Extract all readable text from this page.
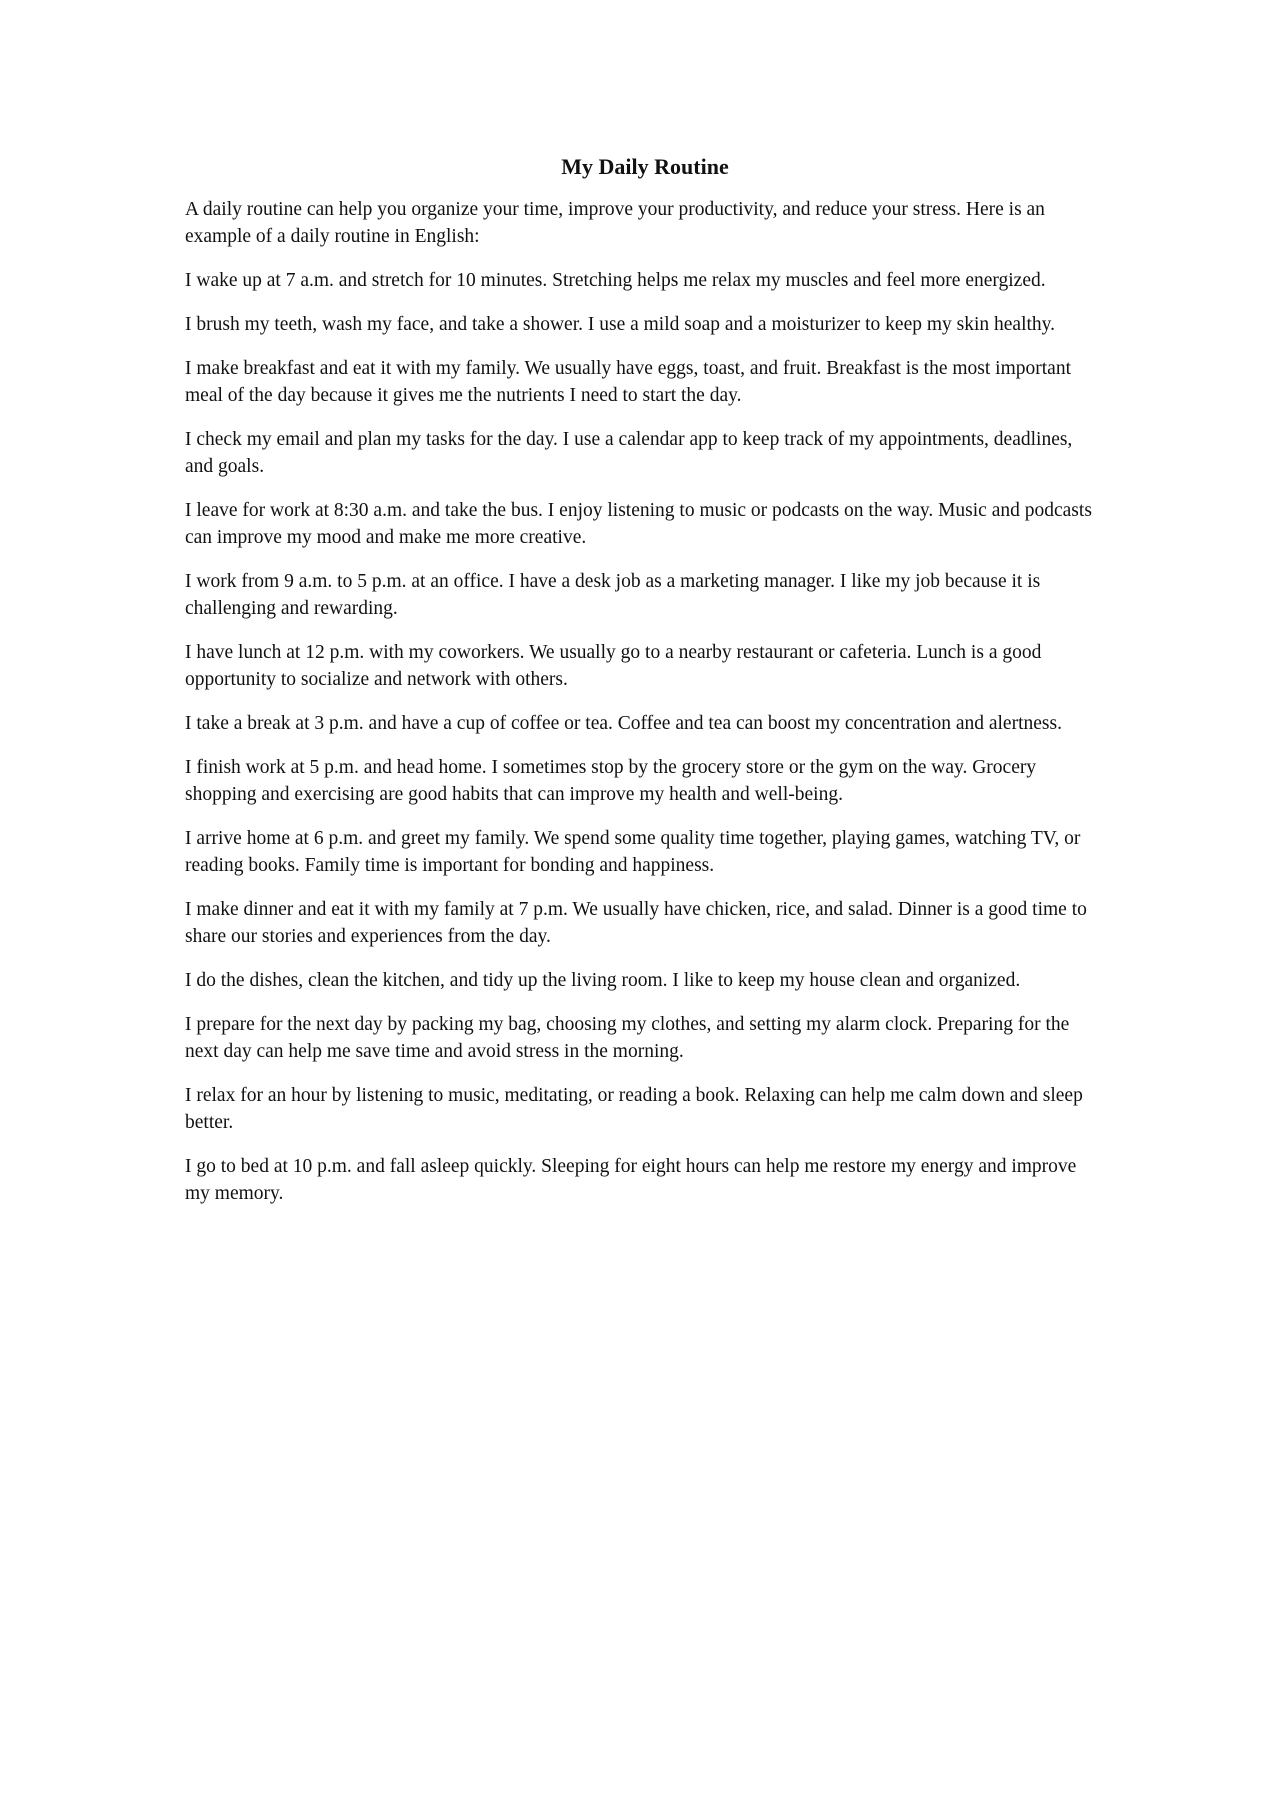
My Daily Routine

A daily routine can help you organize your time, improve your productivity, and reduce your stress. Here is an example of a daily routine in English:

I wake up at 7 a.m. and stretch for 10 minutes. Stretching helps me relax my muscles and feel more energized.

I brush my teeth, wash my face, and take a shower. I use a mild soap and a moisturizer to keep my skin healthy.

I make breakfast and eat it with my family. We usually have eggs, toast, and fruit. Breakfast is the most important meal of the day because it gives me the nutrients I need to start the day.

I check my email and plan my tasks for the day. I use a calendar app to keep track of my appointments, deadlines, and goals.

I leave for work at 8:30 a.m. and take the bus. I enjoy listening to music or podcasts on the way. Music and podcasts can improve my mood and make me more creative.

I work from 9 a.m. to 5 p.m. at an office. I have a desk job as a marketing manager. I like my job because it is challenging and rewarding.

I have lunch at 12 p.m. with my coworkers. We usually go to a nearby restaurant or cafeteria. Lunch is a good opportunity to socialize and network with others.

I take a break at 3 p.m. and have a cup of coffee or tea. Coffee and tea can boost my concentration and alertness.

I finish work at 5 p.m. and head home. I sometimes stop by the grocery store or the gym on the way. Grocery shopping and exercising are good habits that can improve my health and well-being.

I arrive home at 6 p.m. and greet my family. We spend some quality time together, playing games, watching TV, or reading books. Family time is important for bonding and happiness.

I make dinner and eat it with my family at 7 p.m. We usually have chicken, rice, and salad. Dinner is a good time to share our stories and experiences from the day.

I do the dishes, clean the kitchen, and tidy up the living room. I like to keep my house clean and organized.

I prepare for the next day by packing my bag, choosing my clothes, and setting my alarm clock. Preparing for the next day can help me save time and avoid stress in the morning.

I relax for an hour by listening to music, meditating, or reading a book. Relaxing can help me calm down and sleep better.

I go to bed at 10 p.m. and fall asleep quickly. Sleeping for eight hours can help me restore my energy and improve my memory.
